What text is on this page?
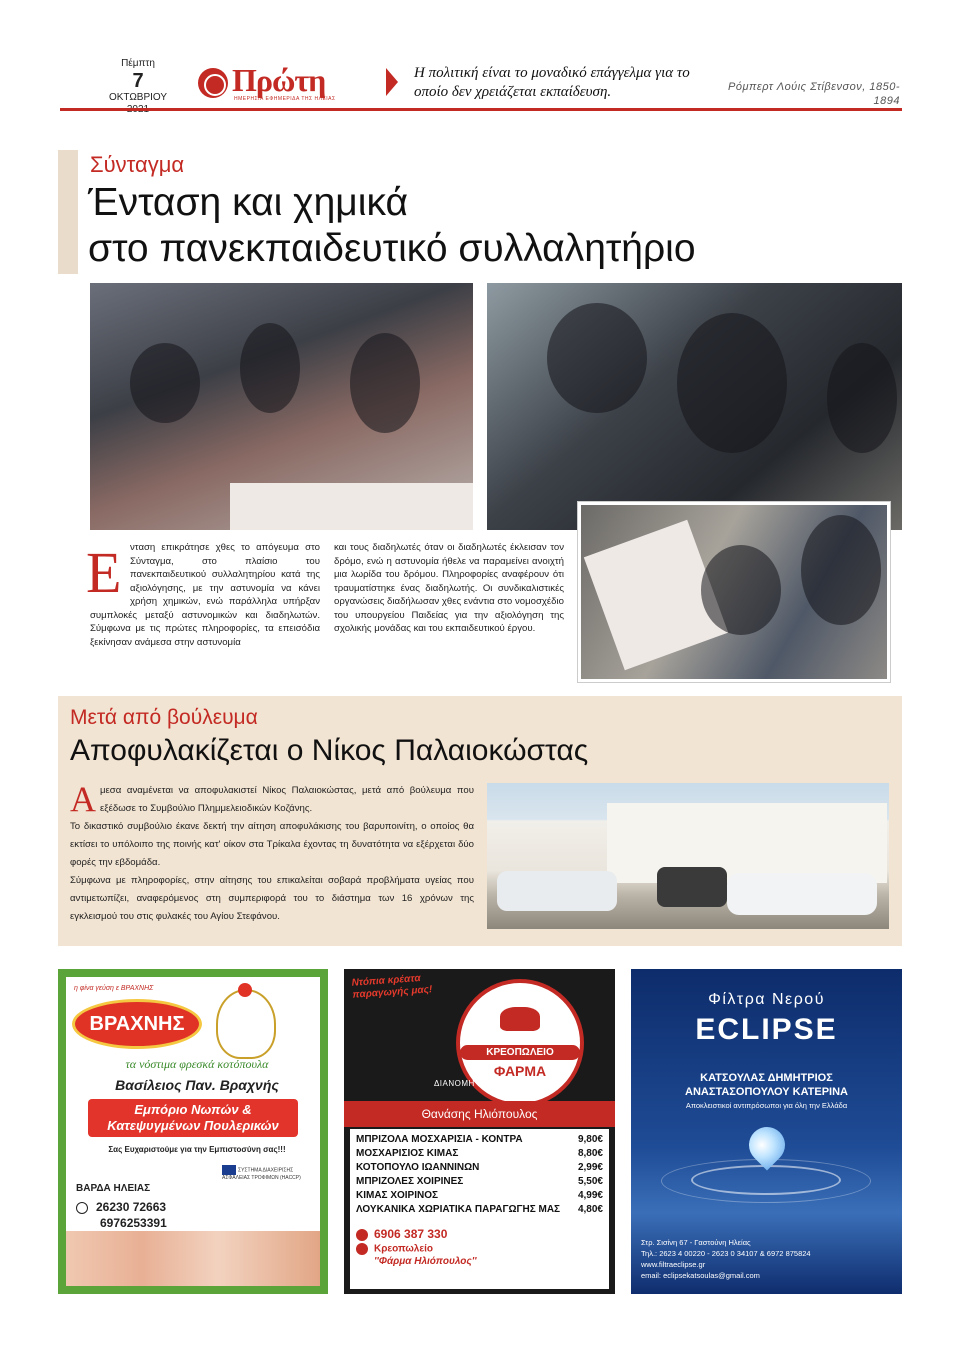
Πέμπτη
7
ΟΚΤΩΒΡΙΟΥ Πρώτη
ΗΜΕΡΗΣΙΑ ΕΦΗΜΕΡΙΔΑ ΤΗΣ ΗΛΕΙΑΣ
Η πολιτική είναι το μοναδικό επάγγελμα για το οποίο δεν χρειάζεται εκπαίδευση.	Ρόμπερτ Λούις Στίβενσον, 1850-1894
Σύνταγμα
Ένταση και χημικά
στο πανεκπαιδευτικό συλλαλητήριο
Ε νταση επικράτησε χθες το απόγευμα στο Σύνταγμα, στο πλαίσιο του πανεκπαιδευτικού συλλαλητηρίου κατά της αξιολόγησης, με την αστυνομία να κάνει χρήση χημικών, ενώ παράλληλα υπήρξαν συμπλοκές μεταξύ αστυνομικών και διαδηλωτών. Σύμφωνα με τις πρώτες πληροφορίες, τα επεισόδια ξεκίνησαν ανάμεσα στην αστυνομία
και τους διαδηλωτές όταν οι διαδηλωτές έκλεισαν τον δρόμο, ενώ η αστυνομία ήθελε να παραμείνει ανοιχτή μια λωρίδα του δρόμου. Πληροφορίες αναφέρουν ότι τραυματίστηκε ένας διαδηλωτής. Οι συνδικαλιστικές οργανώσεις διαδήλωσαν χθες ενάντια στο νομοσχέδιο του υπουργείου Παιδείας για την αξιολόγηση της σχολικής μονάδας και του εκπαιδευτικού έργου.
Μετά από βούλευμα
Αποφυλακίζεται ο Νίκος Παλαιοκώστας

Αμεσα αναμένεται να αποφυλακιστεί Νίκος Παλαιοκώστας, μετά από βούλευμα που εξέδωσε το Συμβούλιο Πλημμελειοδικών Κοζάνης.

Το δικαστικό συμβούλιο έκανε δεκτή την αίτηση αποφυλάκισης του βαρυποινίτη, ο οποίος θα εκτίσει το υπόλοιπο της ποινής κατ' οίκον στα Τρίκαλα έχοντας τη δυνατότητα να εξέρχεται δύο φορές την εβδομάδα.

Σύμφωνα με πληροφορίες, στην αίτησης του επικαλείται σοβαρά προβλήματα υγείας που αντιμετωπίζει, αναφερόμενος στη συμπεριφορά του το διάστημα των 16 χρόνων της εγκλεισμού του στις φυλακές του Αγίου Στεφάνου.

η φίνα γεύση ε ΒΡΑΧΝΗΣ
ΒΡΑΧΝΗΣ
τα νόστιμα φρεσκά κοτόπουλα
Βασίλειος Παν. Βραχνής
Εμπόριο Νωπών &
Κατεψυγμένων Πουλερικών
Σας Ευχαριστούμε για την Εμπιστοσύνη σας!!!
ΣΥΣΤΗΜΑ ΔΙΑΧΕΙΡΙΣΗΣ ΑΣΦΑΛΕΙΑΣ ΤΡΟΦΙΜΩΝ (HACCP)
ΒΑΡΔΑ ΗΛΕΙΑΣ
26230 72663
6976253391
Ντόπια κρέατα
παραγωγής μας!
ΚΡΕΟΠΩΛΕΙΟ
ΦΑΡΜΑ
ΔΙΑΝΟΜΗ ΚΑΤ'ΟΙΚΟΝ
Θανάσης Ηλιόπουλος
ΜΠΡΙΖΟΛΑ ΜΟΣΧΑΡΙΣΙΑ - ΚΟΝΤΡΑ	9,80€
ΜΟΣΧΑΡΙΣΙΟΣ ΚΙΜΑΣ	8,80€
ΚΟΤΟΠΟΥΛΟ ΙΩΑΝΝΙΝΩΝ	2,99€
ΜΠΡΙΖΟΛΕΣ ΧΟΙΡΙΝΕΣ	5,50€
ΚΙΜΑΣ ΧΟΙΡΙΝΟΣ	4,99€
ΛΟΥΚΑΝΙΚΑ ΧΩΡΙΑΤΙΚΑ ΠΑΡΑΓΩΓΗΣ ΜΑΣ 4,80€
6906 387 330
Κρεοπωλείο
''Φάρμα Ηλιόπουλος''
Φίλτρα Νερού
ECLIPSE
ΚΑΤΣΟΥΛΑΣ ΔΗΜΗΤΡΙΟΣ
ΑΝΑΣΤΑΣΟΠΟΥΛΟΥ ΚΑΤΕΡΙΝΑ
Αποκλειστικοί αντιπρόσωποι για όλη την Ελλάδα
Στρ. Σισίνη 67 - Γαστούνη Ηλείας
Τηλ.: 2623 4 00220 - 2623 0 34107 & 6972 875824
www.filtraeclipse.gr
email: eclipsekatsoulas@gmail.com
